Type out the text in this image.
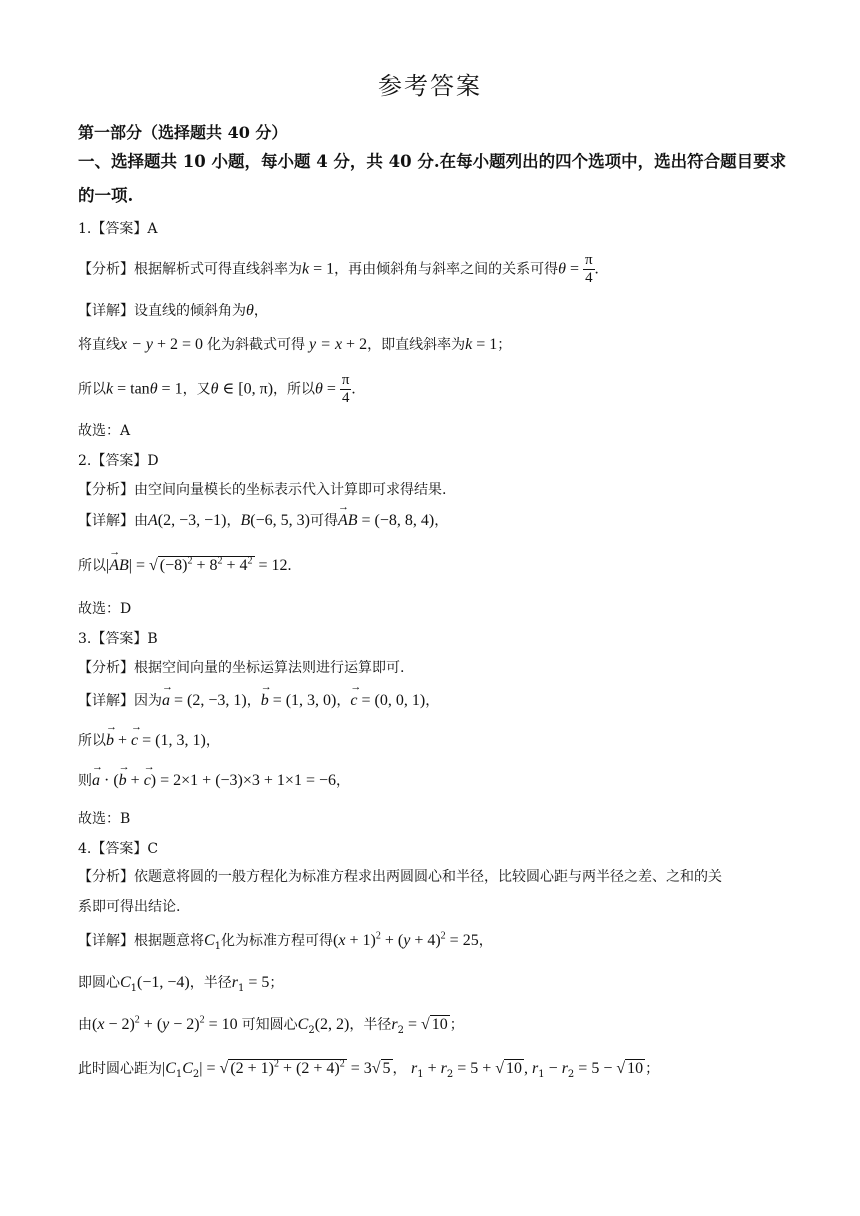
参考答案
第一部分（选择题共 40 分）
一、选择题共 10 小题，每小题 4 分，共 40 分.在每小题列出的四个选项中，选出符合题目要求的一项.
1.【答案】A
【分析】根据解析式可得直线斜率为k = 1，再由倾斜角与斜率之间的关系可得$\theta = \frac{\pi}{4}$ .
【详解】设直线的倾斜角为θ，
将直线x − y + 2 = 0 化为斜截式可得 y = x + 2，即直线斜率为k = 1；
所以k = tanθ = 1，又θ ∈ [0, π)，所以$\theta = \frac{\pi}{4}$ .
故选：A
2.【答案】D
【分析】由空间向量模长的坐标表示代入计算即可求得结果.
【详解】由A(2, −3, −1)，B(−6, 5, 3)可得→ AB = (−8, 8, 4)，
所以|→ AB| = √ $(-8)^2 + 8^2 + 4^2 = 12$.
故选：D
3.【答案】B
【分析】根据空间向量的坐标运算法则进行运算即可.
【详解】因为→ a = (2, −3, 1)，→ b = (1, 3, 0)，→ c = (0, 0, 1)，
所以→ b + → c = (1, 3, 1)，
则→ a · (→ b + → c) = 2×1 + (−3)×3 + 1×1 = −6，
故选：B
4.【答案】C
【分析】依题意将圆的一般方程化为标准方程求出两圆圆心和半径，比较圆心距与两半径之差、之和的关
系即可得出结论.
【详解】根据题意将$C_1$化为标准方程可得$(x + 1)^2 + (y + 4)^2 = 25$，
即圆心$C_1(-1$, −4)，半径$r_1 = 5$；
由$(x - 2)^2 + (y - 2)^2 = 10$ 可知圆心$C_2(2$, 2)，半径$r_2$ = √ 10 ；
此时圆心距为$|C_1C_2|$ = √ $(2 + 1)^2 + (2 + 4)^2 = 3√$ 5 ， $r_1 + r_2 = 5$ + √ 10 , $r_1 - r_2 = 5$ − √ 10 ；
